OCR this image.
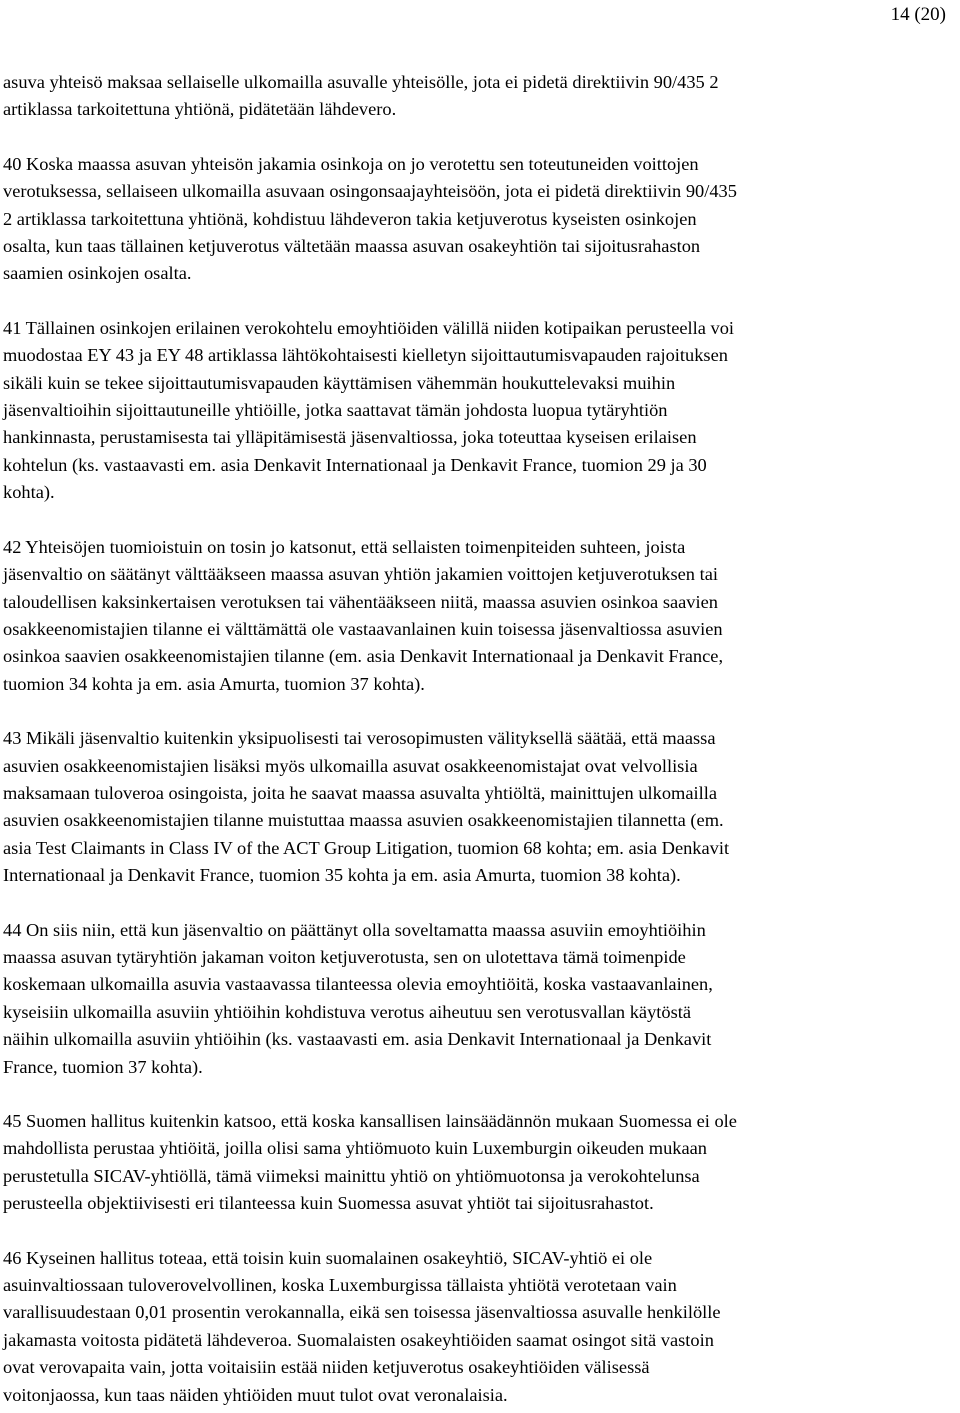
14 (20)

asuva yhteisö maksaa sellaiselle ulkomailla asuvalle yhteisölle, jota ei pidetä direktiivin 90/435 2
artiklassa tarkoitettuna yhtiönä, pidätetään lähdevero.

40 Koska maassa asuvan yhteisön jakamia osinkoja on jo verotettu sen toteutuneiden voittojen
verotuksessa, sellaiseen ulkomailla asuvaan osingonsaajayhteisöön, jota ei pidetä direktiivin 90/435
2 artiklassa tarkoitettuna yhtiönä, kohdistuu lähdeveron takia ketjuverotus kyseisten osinkojen
osalta, kun taas tällainen ketjuverotus vältetään maassa asuvan osakeyhtiön tai sijoitusrahaston
saamien osinkojen osalta.

41 Tällainen osinkojen erilainen verokohtelu emoyhtiöiden välillä niiden kotipaikan perusteella voi
muodostaa EY 43 ja EY 48 artiklassa lähtökohtaisesti kielletyn sijoittautumisvapauden rajoituksen
sikäli kuin se tekee sijoittautumisvapauden käyttämisen vähemmän houkuttelevaksi muihin
jäsenvaltioihin sijoittautuneille yhtiöille, jotka saattavat tämän johdosta luopua tytäryhtiön
hankinnasta, perustamisesta tai ylläpitämisestä jäsenvaltiossa, joka toteuttaa kyseisen erilaisen
kohtelun (ks. vastaavasti em. asia Denkavit Internationaal ja Denkavit France, tuomion 29 ja 30
kohta).

42 Yhteisöjen tuomioistuin on tosin jo katsonut, että sellaisten toimenpiteiden suhteen, joista
jäsenvaltio on säätänyt välttääkseen maassa asuvan yhtiön jakamien voittojen ketjuverotuksen tai
taloudellisen kaksinkertaisen verotuksen tai vähentääkseen niitä, maassa asuvien osinkoa saavien
osakkeenomistajien tilanne ei välttämättä ole vastaavanlainen kuin toisessa jäsenvaltiossa asuvien
osinkoa saavien osakkeenomistajien tilanne (em. asia Denkavit Internationaal ja Denkavit France,
tuomion 34 kohta ja em. asia Amurta, tuomion 37 kohta).

43 Mikäli jäsenvaltio kuitenkin yksipuolisesti tai verosopimusten välityksellä säätää, että maassa
asuvien osakkeenomistajien lisäksi myös ulkomailla asuvat osakkeenomistajat ovat velvollisia
maksamaan tuloveroa osingoista, joita he saavat maassa asuvalta yhtiöltä, mainittujen ulkomailla
asuvien osakkeenomistajien tilanne muistuttaa maassa asuvien osakkeenomistajien tilannetta (em.
asia Test Claimants in Class IV of the ACT Group Litigation, tuomion 68 kohta; em. asia Denkavit
Internationaal ja Denkavit France, tuomion 35 kohta ja em. asia Amurta, tuomion 38 kohta).

44 On siis niin, että kun jäsenvaltio on päättänyt olla soveltamatta maassa asuviin emoyhtiöihin
maassa asuvan tytäryhtiön jakaman voiton ketjuverotusta, sen on ulotettava tämä toimenpide
koskemaan ulkomailla asuvia vastaavassa tilanteessa olevia emoyhtiöitä, koska vastaavanlainen,
kyseisiin ulkomailla asuviin yhtiöihin kohdistuva verotus aiheutuu sen verotusvallan käytöstä
näihin ulkomailla asuviin yhtiöihin (ks. vastaavasti em. asia Denkavit Internationaal ja Denkavit
France, tuomion 37 kohta).

45 Suomen hallitus kuitenkin katsoo, että koska kansallisen lainsäädännön mukaan Suomessa ei ole
mahdollista perustaa yhtiöitä, joilla olisi sama yhtiömuoto kuin Luxemburgin oikeuden mukaan
perustetulla SICAV-yhtiöllä, tämä viimeksi mainittu yhtiö on yhtiömuotonsa ja verokohtelunsa
perusteella objektiivisesti eri tilanteessa kuin Suomessa asuvat yhtiöt tai sijoitusrahastot.

46 Kyseinen hallitus toteaa, että toisin kuin suomalainen osakeyhtiö, SICAV-yhtiö ei ole
asuinvaltiossaan tuloverovelvollinen, koska Luxemburgissa tällaista yhtiötä verotetaan vain
varallisuudestaan 0,01 prosentin verokannalla, eikä sen toisessa jäsenvaltiossa asuvalle henkilölle
jakamasta voitosta pidätetä lähdeveroa. Suomalaisten osakeyhtiöiden saamat osingot sitä vastoin
ovat verovapaita vain, jotta voitaisiin estää niiden ketjuverotus osakeyhtiöiden välisessä
voitonjaossa, kun taas näiden yhtiöiden muut tulot ovat veronalaisia.
